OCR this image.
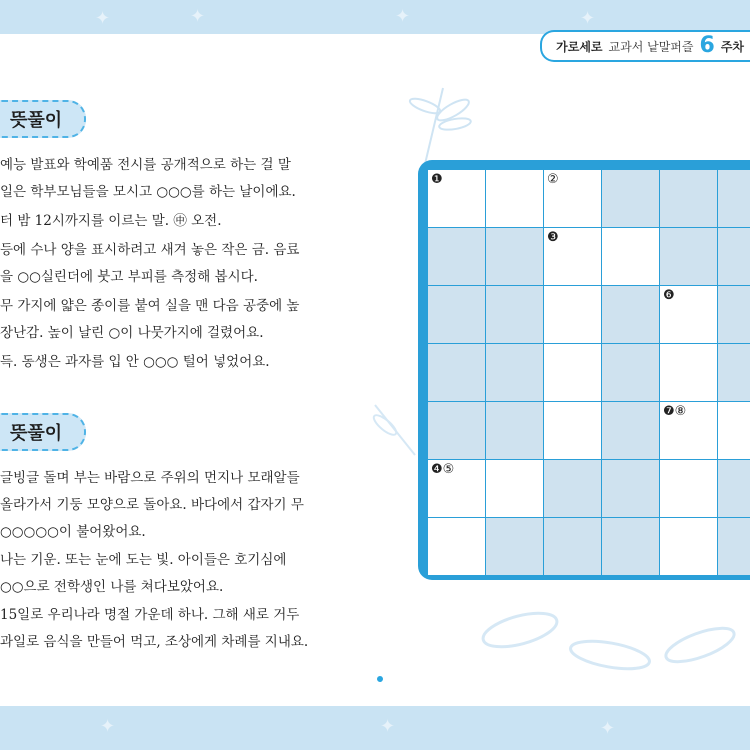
✦	✦	✦	✦
✦	✦	✦
가로세로 교과서 낱말퍼즐 6 주차
뜻풀이
예능 발표와 학예품 전시를 공개적으로 하는 걸 말
일은 학부모님들을 모시고 ○○○를 하는 날이에요.
터 밤 12시까지를 이르는 말. ㊥ 오전.
등에 수나 양을 표시하려고 새겨 놓은 작은 금. 음료
을 ○○실린더에 붓고 부피를 측정해 봅시다.
무 가지에 얇은 종이를 붙여 실을 맨 다음 공중에 높
장난감. 높이 날린 ○이 나뭇가지에 걸렸어요.
득. 동생은 과자를 입 안 ○○○ 털어 넣었어요.
뜻풀이
글빙글 돌며 부는 바람으로 주위의 먼지나 모래알들
올라가서 기둥 모양으로 돌아요. 바다에서 갑자기 무
○○○○○이 불어왔어요.
나는 기운. 또는 눈에 도는 빛. 아이들은 호기심에
○○으로 전학생인 나를 쳐다보았어요.
15일로 우리나라 명절 가운데 하나. 그해 새로 거두
과일로 음식을 만들어 먹고, 조상에게 차례를 지내요.
❶	②
❸
❻
❼⑧
❹⑤
